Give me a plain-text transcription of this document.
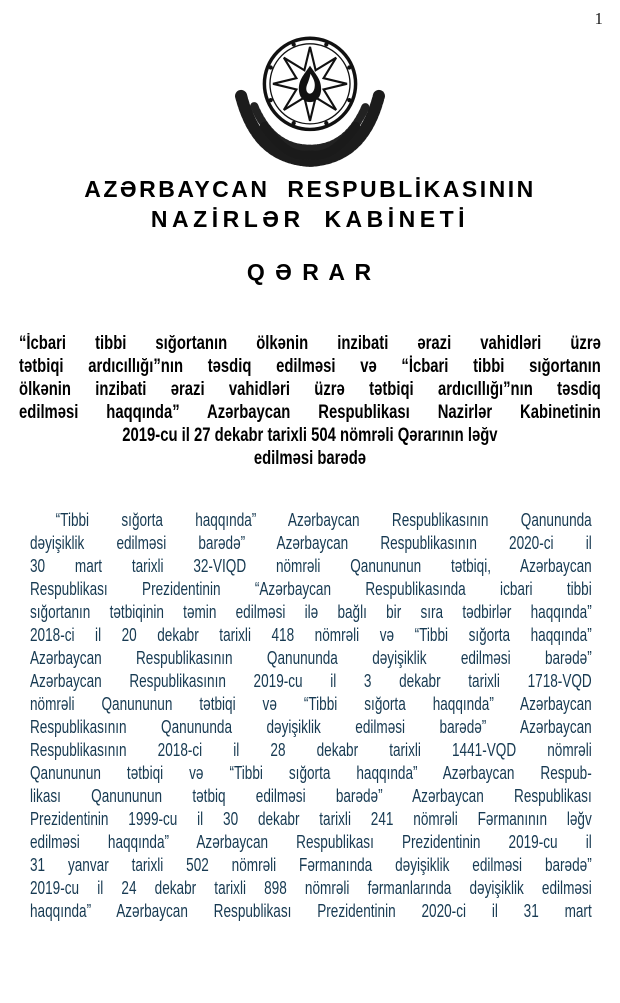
1
AZƏRBAYCAN RESPUBLİKASININ
NAZİRLƏR KABİNETİ
Q Ə R A R
“İcbari tibbi sığortanın ölkənin inzibati ərazi vahidləri üzrə
tətbiqi ardıcıllığı”nın təsdiq edilməsi və “İcbari tibbi sığortanın
ölkənin inzibati ərazi vahidləri üzrə tətbiqi ardıcıllığı”nın təsdiq
edilməsi haqqında” Azərbaycan Respublikası Nazirlər Kabinetinin
2019-cu il 27 dekabr tarixli 504 nömrəli Qərarının ləğv
edilməsi barədə
“Tibbi sığorta haqqında” Azərbaycan Respublikasının Qanununda
dəyişiklik edilməsi barədə” Azərbaycan Respublikasının 2020-ci il
30 mart tarixli 32-VIQD nömrəli Qanununun tətbiqi, Azərbaycan
Respublikası Prezidentinin “Azərbaycan Respublikasında icbari tibbi
sığortanın tətbiqinin təmin edilməsi ilə bağlı bir sıra tədbirlər haqqında”
2018-ci il 20 dekabr tarixli 418 nömrəli və “Tibbi sığorta haqqında”
Azərbaycan Respublikasının Qanununda dəyişiklik edilməsi barədə”
Azərbaycan Respublikasının 2019-cu il 3 dekabr tarixli 1718-VQD
nömrəli Qanununun tətbiqi və “Tibbi sığorta haqqında” Azərbaycan
Respublikasının Qanununda dəyişiklik edilməsi barədə” Azərbaycan
Respublikasının 2018-ci il 28 dekabr tarixli 1441-VQD nömrəli
Qanununun tətbiqi və “Tibbi sığorta haqqında” Azərbaycan Respub-
likası Qanununun tətbiq edilməsi barədə” Azərbaycan Respublikası
Prezidentinin 1999-cu il 30 dekabr tarixli 241 nömrəli Fərmanının ləğv
edilməsi haqqında” Azərbaycan Respublikası Prezidentinin 2019-cu il
31 yanvar tarixli 502 nömrəli Fərmanında dəyişiklik edilməsi barədə”
2019-cu il 24 dekabr tarixli 898 nömrəli fərmanlarında dəyişiklik edilməsi
haqqında” Azərbaycan Respublikası Prezidentinin 2020-ci il 31 mart
